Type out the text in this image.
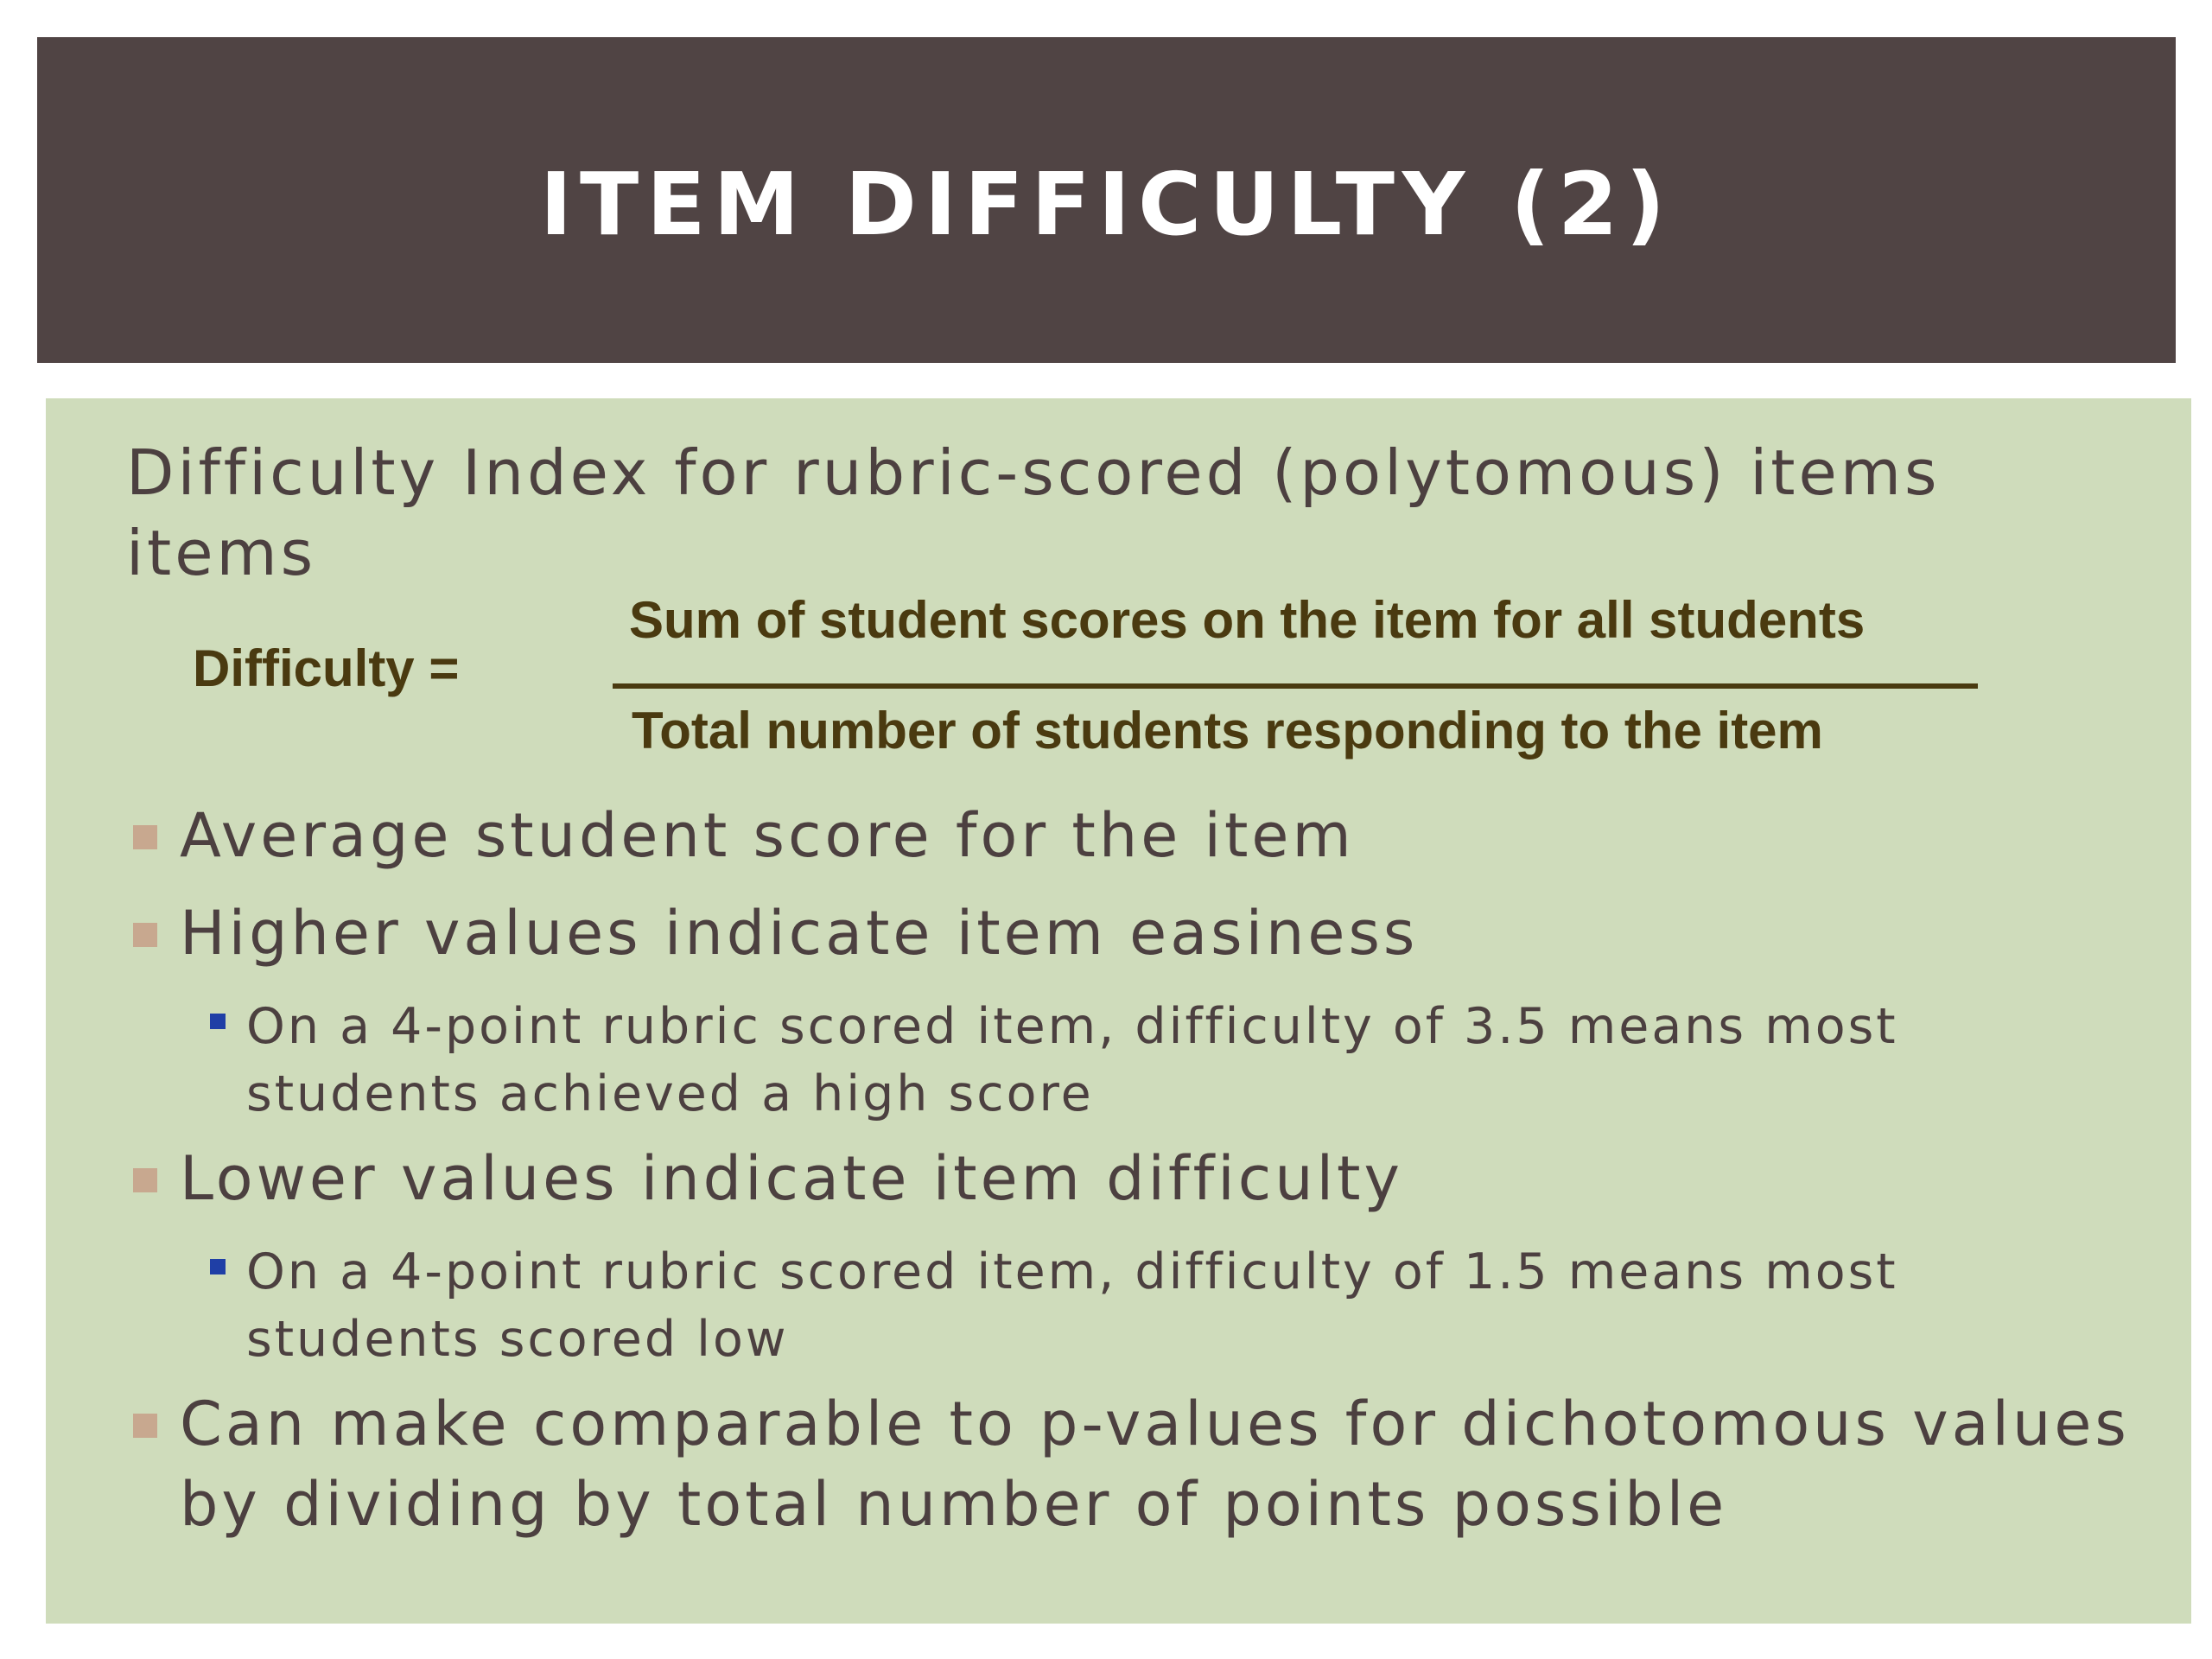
ITEM DIFFICULTY (2)
Difficulty Index for rubric-scored (polytomous) items items
Difficulty =
Sum of student scores on the item for all students
Total number of students responding to the item
Average student score for the item
Higher values indicate item easiness
On a 4-point rubric scored item, difficulty of 3.5 means most students achieved a high score
Lower values indicate item difficulty
On a 4-point rubric scored item, difficulty of 1.5 means most students scored low
Can make comparable to p-values for dichotomous values by dividing by total number of points possible
